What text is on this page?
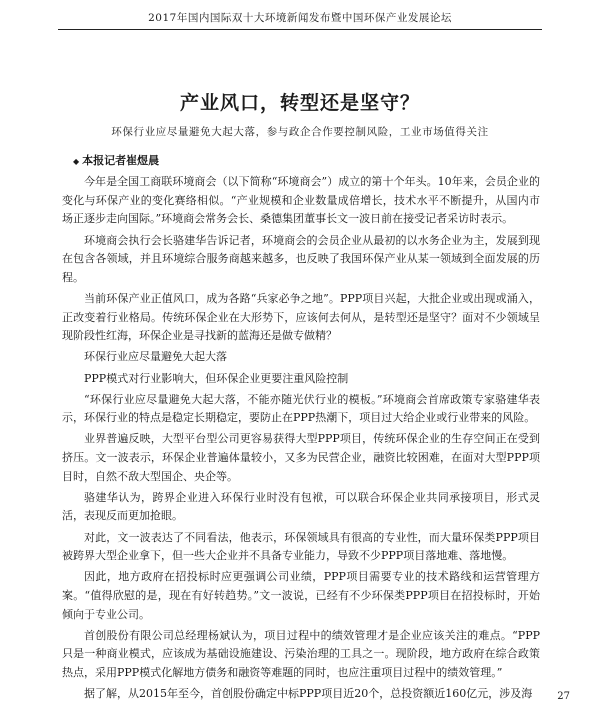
2017年国内国际双十大环境新闻发布暨中国环保产业发展论坛
产业风口，转型还是坚守？
环保行业应尽量避免大起大落，参与政企合作要控制风险，工业市场值得关注

◆ 本报记者崔煜晨

今年是全国工商联环境商会（以下简称“环境商会”）成立的第十个年头。10年来，会员企业的变化与环保产业的变化赛络相似。“产业规模和企业数量成倍增长，技术水平不断提升，从国内市场正逐步走向国际。”环境商会常务会长、桑德集团董事长文一波日前在接受记者采访时表示。

环境商会执行会长骆建华告诉记者，环境商会的会员企业从最初的以水务企业为主，发展到现在包含各领域，并且环境综合服务商越来越多，也反映了我国环保产业从某一领域到全面发展的历程。

当前环保产业正值风口，成为各路“兵家必争之地”。PPP项目兴起，大批企业或出现或涌入，正改变着行业格局。传统环保企业在大形势下，应该何去何从，是转型还是坚守？面对不少领域呈现阶段性红海，环保企业是寻找新的蓝海还是做专做精？

环保行业应尽量避免大起大落

PPP模式对行业影响大，但环保企业更要注重风险控制

“环保行业应尽量避免大起大落，不能亦随光伏行业的模板。”环境商会首席政策专家骆建华表示，环保行业的特点是稳定长期稳定，要防止在PPP热潮下，项目过大给企业或行业带来的风险。

业界普遍反映，大型平台型公司更容易获得大型PPP项目，传统环保企业的生存空间正在受到挤压。文一波表示，环保企业普遍体量较小，又多为民营企业，融资比较困难，在面对大型PPP项目时，自然不敌大型国企、央企等。

骆建华认为，跨界企业进入环保行业时没有包袱，可以联合环保企业共同承接项目，形式灵活，表现反而更加抢眼。

对此，文一波表达了不同看法，他表示，环保领域具有很高的专业性，而大量环保类PPP项目被跨界大型企业拿下，但一些大企业并不具备专业能力，导致不少PPP项目落地难、落地慢。

因此，地方政府在招投标时应更强调公司业绩，PPP项目需要专业的技术路线和运营管理方案。“值得欣慰的是，现在有好转趋势。”文一波说，已经有不少环保类PPP项目在招投标时，开始倾向于专业公司。

首创股份有限公司总经理杨斌认为，项目过程中的绩效管理才是企业应该关注的难点。“PPP只是一种商业模式，应该成为基础设施建设、污染治理的工具之一。现阶段，地方政府在综合政策热点，采用PPP模式化解地方债务和融资等难题的同时，也应注重项目过程中的绩效管理。”

据了解，从2015年至今，首创股份确定中标PPP项目近20个，总投资额近160亿元，涉及海	27
